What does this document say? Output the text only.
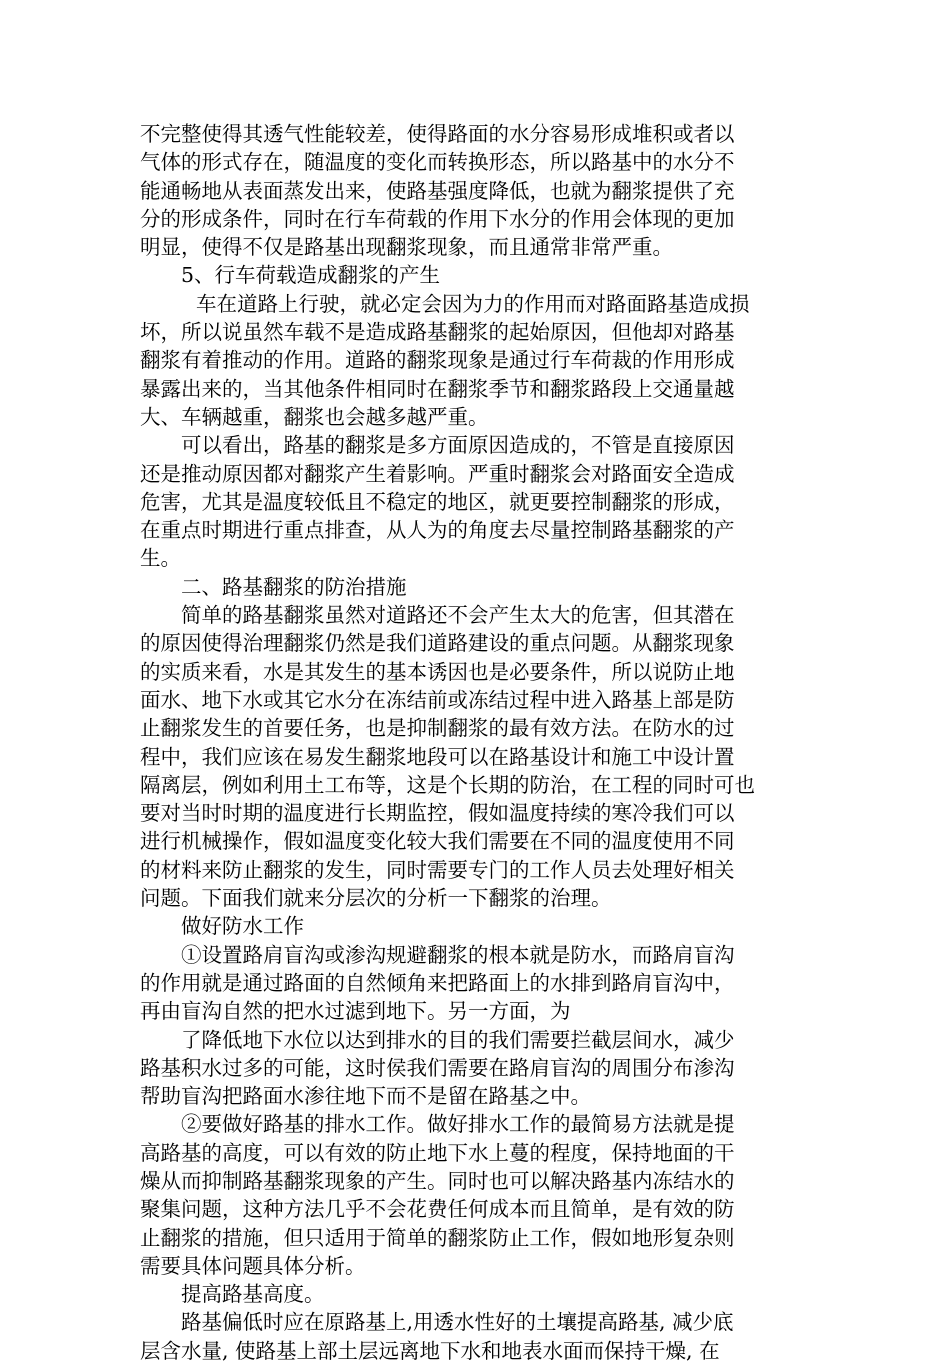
不完整使得其透气性能较差，使得路面的水分容易形成堆积或者以
气体的形式存在，随温度的变化而转换形态，所以路基中的水分不
能通畅地从表面蒸发出来，使路基强度降低，也就为翻浆提供了充
分的形成条件，同时在行车荷载的作用下水分的作用会体现的更加
明显，使得不仅是路基出现翻浆现象，而且通常非常严重。
5、行车荷载造成翻浆的产生
车在道路上行驶，就必定会因为力的作用而对路面路基造成损
坏，所以说虽然车载不是造成路基翻浆的起始原因，但他却对路基
翻浆有着推动的作用。道路的翻浆现象是通过行车荷裁的作用形成
暴露出来的，当其他条件相同时在翻浆季节和翻浆路段上交通量越
大、车辆越重，翻浆也会越多越严重。
可以看出，路基的翻浆是多方面原因造成的，不管是直接原因
还是推动原因都对翻浆产生着影响。严重时翻浆会对路面安全造成
危害，尤其是温度较低且不稳定的地区，就更要控制翻浆的形成，
在重点时期进行重点排查，从人为的角度去尽量控制路基翻浆的产
生。
二、路基翻浆的防治措施
简单的路基翻浆虽然对道路还不会产生太大的危害，但其潜在
的原因使得治理翻浆仍然是我们道路建设的重点问题。从翻浆现象
的实质来看，水是其发生的基本诱因也是必要条件，所以说防止地
面水、地下水或其它水分在冻结前或冻结过程中进入路基上部是防
止翻浆发生的首要任务，也是抑制翻浆的最有效方法。在防水的过
程中，我们应该在易发生翻浆地段可以在路基设计和施工中设计置
隔离层，例如利用土工布等，这是个长期的防治，在工程的同时可也
要对当时时期的温度进行长期监控，假如温度持续的寒冷我们可以
进行机械操作，假如温度变化较大我们需要在不同的温度使用不同
的材料来防止翻浆的发生，同时需要专门的工作人员去处理好相关
问题。下面我们就来分层次的分析一下翻浆的治理。
做好防水工作
①设置路肩盲沟或渗沟规避翻浆的根本就是防水，而路肩盲沟
的作用就是通过路面的自然倾角来把路面上的水排到路肩盲沟中，
再由盲沟自然的把水过滤到地下。另一方面，为
了降低地下水位以达到排水的目的我们需要拦截层间水，减少
路基积水过多的可能，这时侯我们需要在路肩盲沟的周围分布渗沟
帮助盲沟把路面水渗往地下而不是留在路基之中。
②要做好路基的排水工作。做好排水工作的最简易方法就是提
高路基的高度，可以有效的防止地下水上蔓的程度，保持地面的干
燥从而抑制路基翻浆现象的产生。同时也可以解决路基内冻结水的
聚集问题，这种方法几乎不会花费任何成本而且简单，是有效的防
止翻浆的措施，但只适用于简单的翻浆防止工作，假如地形复杂则
需要具体问题具体分析。
提高路基高度。
路基偏低时应在原路基上,用透水性好的土壤提高路基, 减少底
层含水量, 使路基上部土层远离地下水和地表水面而保持干燥, 在
